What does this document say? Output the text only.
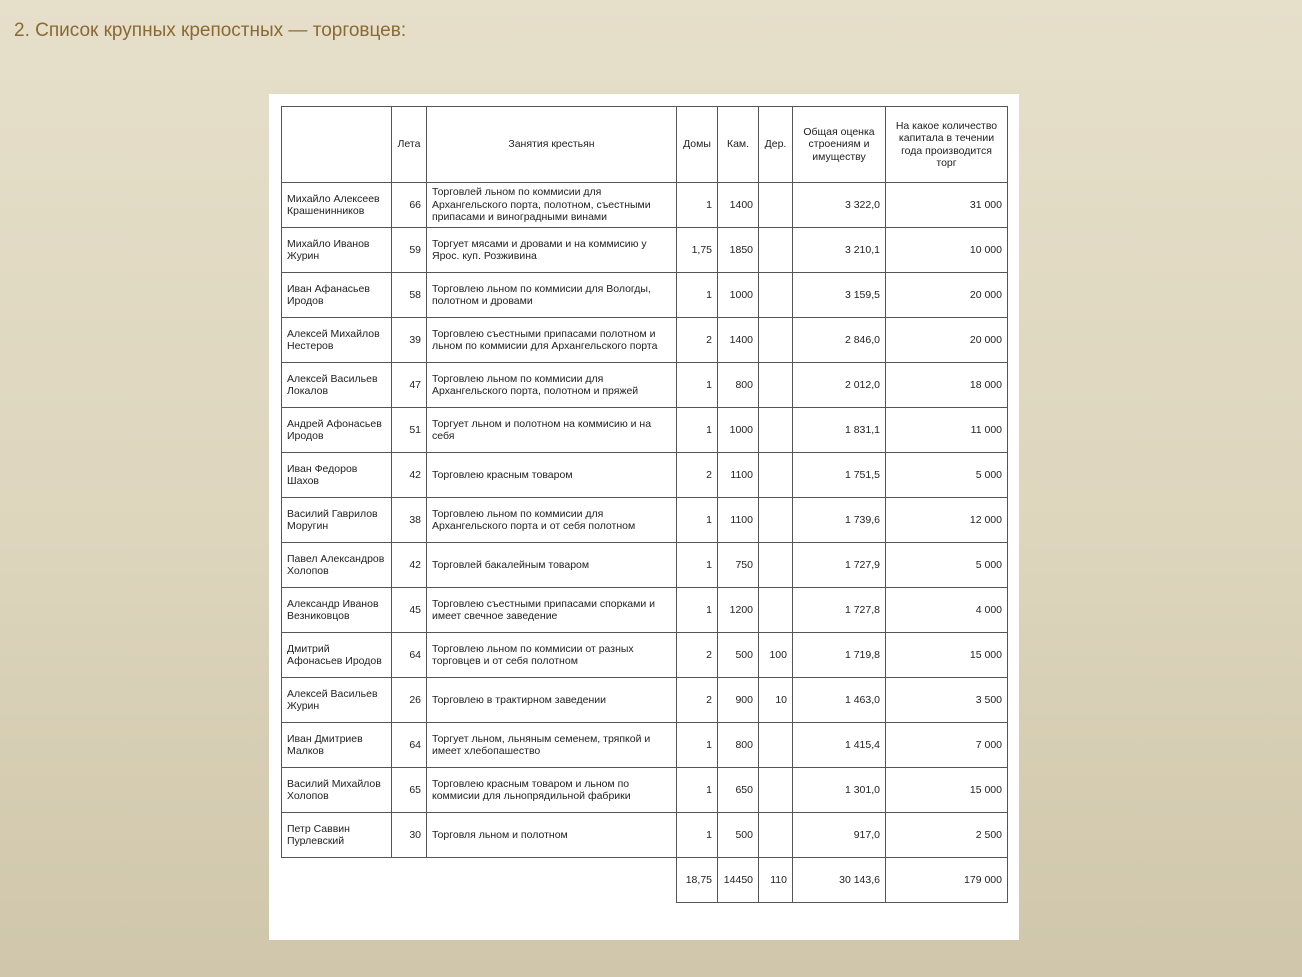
2. Список крупных крепостных — торговцев:
	Лета	Занятия крестьян	Домы	Кам.	Дер.	Общая оценка строениям и имуществу	На какое количество капитала в течении года производится торг
Михайло Алексеев Крашенинников	66	Торговлей льном по коммисии для Архангельского порта, полотном, съестными припасами и виноградными винами	1	1400		3 322,0	31 000
Михайло Иванов Журин	59	Торгует мясами и дровами и на коммисию у Ярос. куп. Розживина	1,75	1850		3 210,1	10 000
Иван Афанасьев Иродов	58	Торговлею льном по коммисии для Вологды, полотном и дровами	1	1000		3 159,5	20 000
Алексей Михайлов Нестеров	39	Торговлею съестными припасами полотном и льном по коммисии для Архангельского порта	2	1400		2 846,0	20 000
Алексей Васильев Локалов	47	Торговлею льном по коммисии для Архангельского порта, полотном и пряжей	1	800		2 012,0	18 000
Андрей Афонасьев Иродов	51	Торгует льном и полотном на коммисию и на себя	1	1000		1 831,1	11 000
Иван Федоров Шахов	42	Торговлею красным товаром	2	1100		1 751,5	5 000
Василий Гаврилов Моругин	38	Торговлею льном по коммисии для Архангельского порта и от себя полотном	1	1100		1 739,6	12 000
Павел Александров Холопов	42	Торговлей бакалейным товаром	1	750		1 727,9	5 000
Александр Иванов Везниковцов	45	Торговлею съестными припасами спорками и имеет свечное заведение	1	1200		1 727,8	4 000
Дмитрий Афонасьев Иродов	64	Торговлею льном по коммисии от разных торговцев и от себя полотном	2	500	100	1 719,8	15 000
Алексей Васильев Журин	26	Торговлею в трактирном заведении	2	900	10	1 463,0	3 500
Иван Дмитриев Малков	64	Торгует льном, льняным семенем, тряпкой и имеет хлебопашество	1	800		1 415,4	7 000
Василий Михайлов Холопов	65	Торговлею красным товаром и льном по коммисии для льнопрядильной фабрики	1	650		1 301,0	15 000
Петр Саввин Пурлевский	30	Торговля льном и полотном	1	500		917,0	2 500
			18,75	14450	110	30 143,6	179 000
